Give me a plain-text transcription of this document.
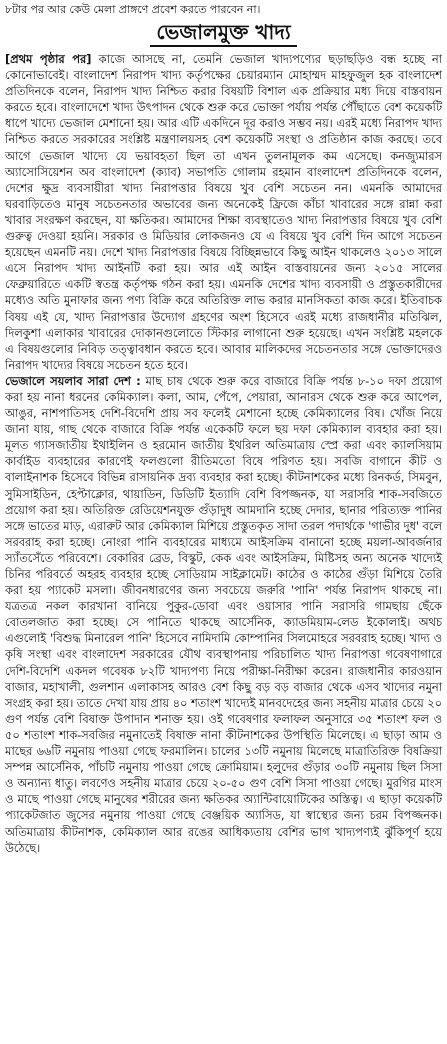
৮টার পর আর কেউ মেলা প্রাঙ্গণে প্রবেশ করতে পারবেন না।
ভেজালমুক্ত খাদ্য

[প্রথম পৃষ্ঠার পর] কাজে আসছে না, তেমনি ভেজাল খাদ্যপণ্যের ছড়াছড়িও বন্ধ হচ্ছে না কোনোভাবেই। বাংলাদেশ নিরাপদ খাদ্য কর্তৃপক্ষের চেয়ারম্যান মোহাম্মদ মাহফুজুল হক বাংলাদেশ প্রতিদিনকে বলেন, নিরাপদ খাদ্য নিশ্চিত করার বিষয়টি বিশাল এক প্রক্রিয়ার মধ্য দিয়ে বাস্তবায়ন করতে হবে। বাংলাদেশে খাদ্য উৎপাদন থেকে শুরু করে ভোক্তা পর্যায় পর্যন্ত পৌঁছাতে বেশ কয়েকটি ধাপে খাদ্যে ভেজাল মেশানো হয়। আর এটি একদিনে দূর করাও সম্ভব নয়। এরই মধ্যে নিরাপদ খাদ্য নিশ্চিত করতে সরকারের সংশ্লিষ্ট মন্ত্রণালয়সহ বেশ কয়েকটি সংস্থা ও প্রতিষ্ঠান কাজ করছে। তবে আগে ভেজাল খাদ্যে যে ভয়াবহতা ছিল তা এখন তুলনামূলক কম এসেছে। কনজ্যুমারস অ্যাসোসিয়েশন অব বাংলাদেশ (ক্যাব) সভাপতি গোলাম রহমান বাংলাদেশ প্রতিদিনকে বলেন, দেশের ক্ষুদ্র ব্যবসায়ীরা খাদ্য নিরাপত্তার বিষয়ে খুব বেশি সচেতন নন। এমনকি আমাদের ঘরবাড়িতেও মানুষ সচেতনতার অভাবের জন্য অনেকেই ফ্রিজে কাঁচা খাবারের সঙ্গে রান্না করা খাবার সংরক্ষণ করছেন, যা ক্ষতিকর। আমাদের শিক্ষা ব্যবস্থাতেও খাদ্য নিরাপত্তার বিষয়ে খুব বেশি গুরুত্ব দেওয়া হয়নি। সরকার ও মিডিয়ার লোকজনও যে এ বিষয়ে খুব বেশি দিন আগে সচেতন হয়েছেন এমনটি নয়। দেশে খাদ্য নিরাপত্তার বিষয়ে বিচ্ছিন্নভাবে কিছু আইন থাকলেও ২০১৩ সালে এসে নিরাপদ খাদ্য আইনটি করা হয়। আর এই আইন বাস্তবায়নের জন্য ২০১৫ সালের ফেব্রুয়ারিতে একটি স্বতন্ত্র কর্তৃপক্ষ গঠন করা হয়। এমনকি দেশের খাদ্য ব্যবসায়ী ও প্রস্তুতকারীদের মধ্যেও অতি মুনাফার জন্য পণ্য বিক্রি করে অতিরিক্ত লাভ করার মানসিকতা কাজ করে। ইতিবাচক বিষয় এই যে, খাদ্য নিরাপত্তার উদ্যোগ গ্রহণের অংশ হিসেবে এরই মধ্যে রাজধানীর মতিঝিল, দিলকুশা এলাকার খাবারের দোকানগুলোতে স্টিকার লাগানো শুরু হয়েছে। এখন সংশ্লিষ্ট মহলকে এ বিষয়গুলোর নিবিড় তত্ত্বাবধান করতে হবে। আবার মালিকদের সচেতনতার সঙ্গে ভোক্তাদেরও নিরাপদ খাদ্যের বিষয়ে সচেতন হতে হবে।

ভেজালে সয়লাব সারা দেশ : মাছ চাষ থেকে শুরু করে বাজারে বিক্রি পর্যন্ত ৮-১০ দফা প্রয়োগ করা হয় নানা ধরনের কেমিক্যাল। কলা, আম, পেঁপে, পেয়ারা, আনারস থেকে শুরু করে আপেল, আঙুর, নাশপাতিসহ দেশি-বিদেশি প্রায় সব ফলেই মেশানো হচ্ছে কেমিক্যালের বিষ। খোঁজ নিয়ে জানা যায়, গাছ থেকে বাজারে বিক্রি পর্যন্ত একেকটি ফলে ছয় দফা কেমিক্যাল ব্যবহার করা হয়। মূলত গ্যাসজাতীয় ইথাইলিন ও হরমোন জাতীয় ইথরিল অতিমাত্রায় স্প্রে করা এবং ক্যালসিয়াম কার্বাইড ব্যবহারের কারণেই ফলগুলো রীতিমতো বিষে পরিণত হয়। সবজি বাগানে কীট ও বালাইনাশক হিসেবে বিভিন্ন রাসায়নিক দ্রব্য ব্যবহার করা হচ্ছে। কীটনাশকের মধ্যে রিনকর্ড, সিমবুন, সুমিসাইডিন, হেপ্টাক্লোর, থায়াডিন, ডিডিটি ইত্যাদি বেশি বিপজ্জনক, যা সরাসরি শাক-সবজিতে প্রয়োগ করা হয়। অতিরিক্ত রেডিয়েশনযুক্ত গুঁড়াদুধ আমদানি হচ্ছে দেদার, ছানার পরিত্যক্ত পানির সঙ্গে ভাতের মাড়, এরারুট আর কেমিক্যাল মিশিয়ে প্রস্তুতকৃত সাদা তরল পদার্থকে 'গাভীর দুধ' বলে সরবরাহ করা হচ্ছে। নোংরা পানি ব্যবহারের মাধ্যমে আইসক্রিম বানানো হচ্ছে ময়লা-আবর্জনার স্যাঁতসেঁতে পরিবেশে। বেকারির ব্রেড, বিস্কুট, কেক এবং আইসক্রিম, মিষ্টিসহ অন্য অনেক খাদ্যেই চিনির পরিবর্তে অহরহ ব্যবহার হচ্ছে সোডিয়াম সাইক্লামেট। কাঠের ও কাঠের গুঁড়া মিশিয়ে তৈরি করা হয় প্যাকেট মসলা। জীবনধারণের জন্য সবচেয়ে জরুরি 'পানি' পর্যন্ত নিরাপদ থাকছে না। যত্রতত্র নকল কারখানা বানিয়ে পুকুর-ডোবা এবং ওয়াসার পানি সরাসরি গামছায় ছেঁকে বোতলজাত করা হচ্ছে। সে পানিতে থাকছে আর্সেনিক, ক্যাডমিয়াম-লেড ইকোলাই। অথচ এগুলোই 'বিশুদ্ধ মিনারেল পানি' হিসেবে নামিদামি কোম্পানির সিলমোহরে সরবরাহ হচ্ছে। খাদ্য ও কৃষি সংস্থা এবং বাংলাদেশ সরকারের যৌথ ব্যবস্থাপনায় পরিচালিত খাদ্য নিরাপত্তা গবেষণাগারে দেশি-বিদেশি একদল গবেষক ৮২টি খাদ্যপণ্য নিয়ে পরীক্ষা-নিরীক্ষা করেন। রাজধানীর কারওয়ান বাজার, মহাখালী, গুলশান এলাকাসহ আরও বেশ কিছু বড় বড় বাজার থেকে এসব খাদ্যের নমুনা সংগ্রহ করা হয়। তাতে দেখা যায় প্রায় ৪০ শতাংশ খাদ্যেই মানবদেহের জন্য সহনীয় মাত্রার চেয়ে ২০ গুণ পর্যন্ত বেশি বিষাক্ত উপাদান শনাক্ত হয়। ওই গবেষণার ফলাফল অনুসারে ৩৫ শতাংশ ফল ও ৫০ শতাংশ শাক-সবজির নমুনাতেই বিষাক্ত নানা কীটনাশকের উপস্থিতি মিলেছে। এ ছাড়া আম ও মাছের ৬৬টি নমুনায় পাওয়া গেছে ফরমালিন। চালের ১৩টি নমুনায় মিলেছে মাত্রাতিরিক্ত বিষক্রিয়া সম্পন্ন আর্সেনিক, পাঁচটি নমুনায় পাওয়া গেছে ক্রোমিয়াম। হলুদের গুঁড়ার ৩০টি নমুনায় ছিল সিসা ও অন্যান্য ধাতু। লবণেও সহনীয় মাত্রার চেয়ে ২০-৫০ গুণ বেশি সিসা পাওয়া গেছে। মুরগির মাংস ও মাছে পাওয়া গেছে মানুষের শরীরের জন্য ক্ষতিকর অ্যান্টিবায়োটিকের অস্তিত্ব। এ ছাড়া কয়েকটি প্যাকেটজাত জুসের নমুনায় পাওয়া গেছে বেঞ্জয়িক অ্যাসিড, যা স্বাস্থ্যের জন্য চরম বিপজ্জনক। অতিমাত্রায় কীটনাশক, কেমিক্যাল আর রঙের আধিক্যতায় বেশির ভাগ খাদ্যপণ্যই ঝুঁকিপূর্ণ হয়ে উঠেছে।
